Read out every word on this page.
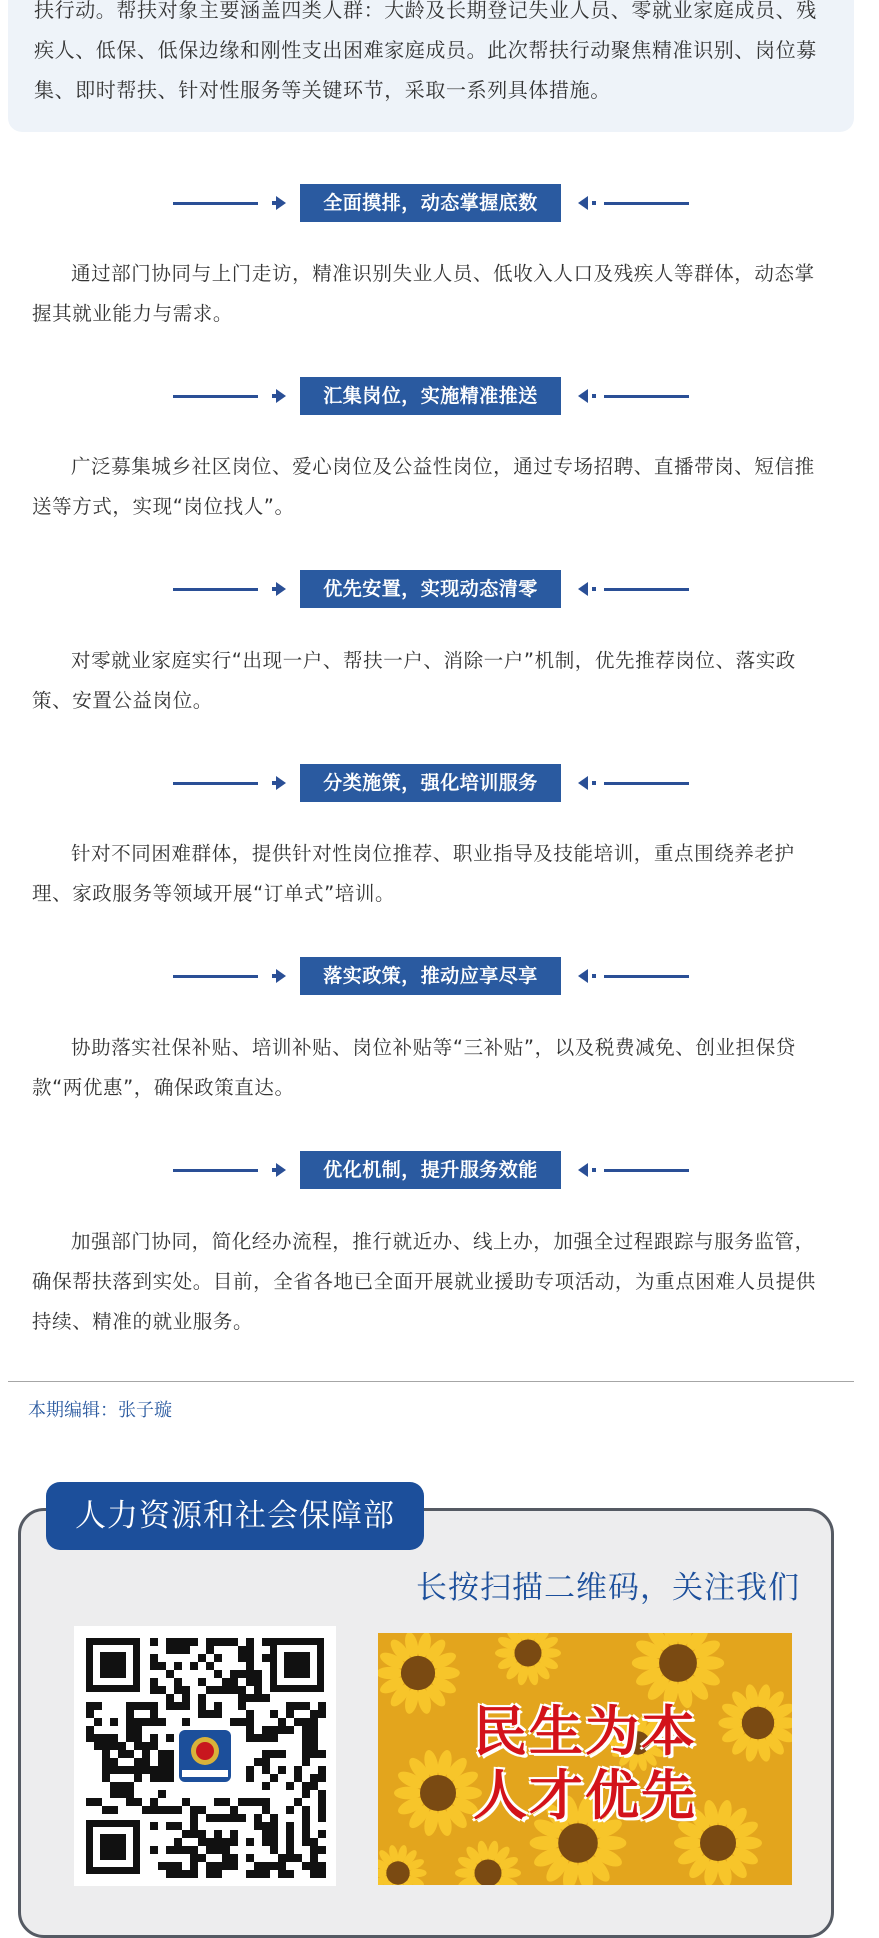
扶行动。帮扶对象主要涵盖四类人群：大龄及长期登记失业人员、零就业家庭成员、残疾人、低保、低保边缘和刚性支出困难家庭成员。此次帮扶行动聚焦精准识别、岗位募集、即时帮扶、针对性服务等关键环节，采取一系列具体措施。
全面摸排，动态掌握底数
通过部门协同与上门走访，精准识别失业人员、低收入人口及残疾人等群体，动态掌握其就业能力与需求。
汇集岗位，实施精准推送
广泛募集城乡社区岗位、爱心岗位及公益性岗位，通过专场招聘、直播带岗、短信推送等方式，实现“岗位找人”。
优先安置，实现动态清零
对零就业家庭实行“出现一户、帮扶一户、消除一户”机制，优先推荐岗位、落实政策、安置公益岗位。
分类施策，强化培训服务
针对不同困难群体，提供针对性岗位推荐、职业指导及技能培训，重点围绕养老护理、家政服务等领域开展“订单式”培训。
落实政策，推动应享尽享
协助落实社保补贴、培训补贴、岗位补贴等“三补贴”，以及税费减免、创业担保贷款“两优惠”，确保政策直达。
优化机制，提升服务效能
加强部门协同，简化经办流程，推行就近办、线上办，加强全过程跟踪与服务监管，确保帮扶落到实处。目前，全省各地已全面开展就业援助专项活动，为重点困难人员提供持续、精准的就业服务。
本期编辑：张子璇
人力资源和社会保障部
长按扫描二维码，关注我们
民生为本
人才优先
